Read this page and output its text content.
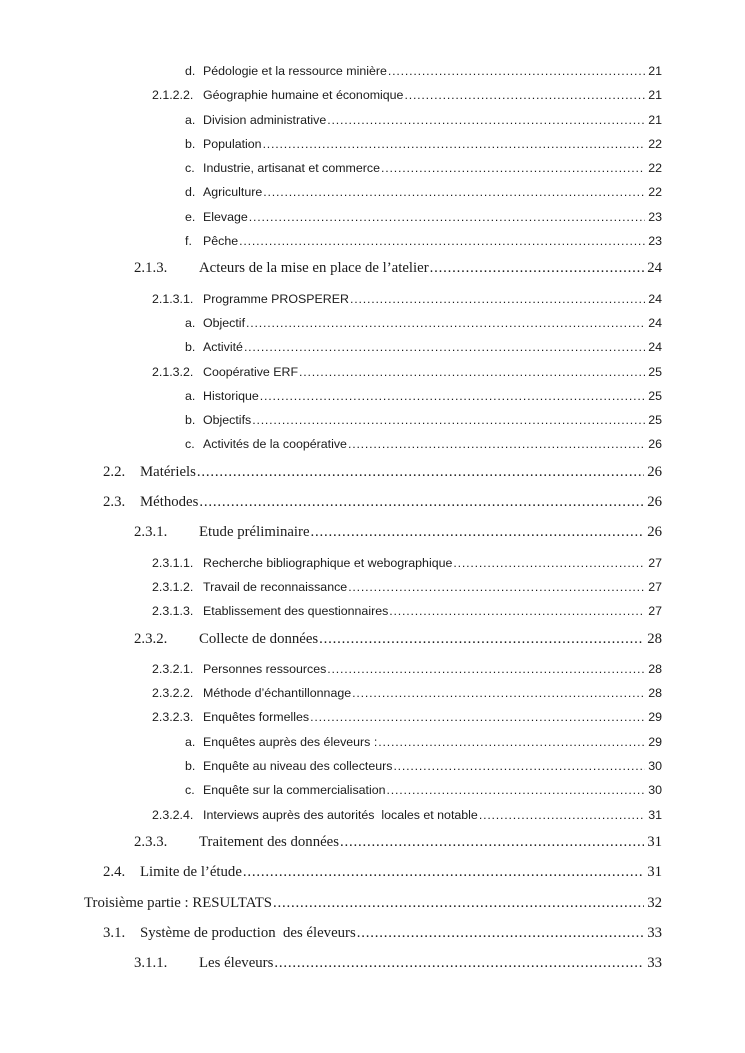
d. Pédologie et la ressource minière .....	21
2.1.2.2. Géographie humaine et économique .....	21
a. Division administrative .....	21
b. Population .....	22
c. Industrie, artisanat et commerce .....	22
d. Agriculture .....	22
e. Elevage .....	23
f. Pêche .....	23
2.1.3.	Acteurs de la mise en place de l’atelier .....	24
2.1.3.1. Programme PROSPERER .....	24
a. Objectif .....	24
b. Activité .....	24
2.1.3.2. Coopérative ERF .....	25
a. Historique .....	25
b. Objectifs .....	25
c. Activités de la coopérative .....	26
2.2. Matériels .....	26
2.3. Méthodes .....	26
2.3.1.	Etude préliminaire .....	26
2.3.1.1. Recherche bibliographique et webographique .....	27
2.3.1.2. Travail de reconnaissance .....	27
2.3.1.3. Etablissement des questionnaires .....	27
2.3.2.	Collecte de données .....	28
2.3.2.1. Personnes ressources .....	28
2.3.2.2. Méthode d’échantillonnage .....	28
2.3.2.3. Enquêtes formelles .....	29
a. Enquêtes auprès des éleveurs : .....	29
b. Enquête au niveau des collecteurs .....	30
c. Enquête sur la commercialisation .....	30
2.3.2.4. Interviews auprès des autorités  locales et notable .....	31
2.3.3.	Traitement des données .....	31
2.4. Limite de l’étude .....	31
Troisième partie : RESULTATS .....	32
3.1. Système de production  des éleveurs .....	33
3.1.1.	Les éleveurs .....	33
